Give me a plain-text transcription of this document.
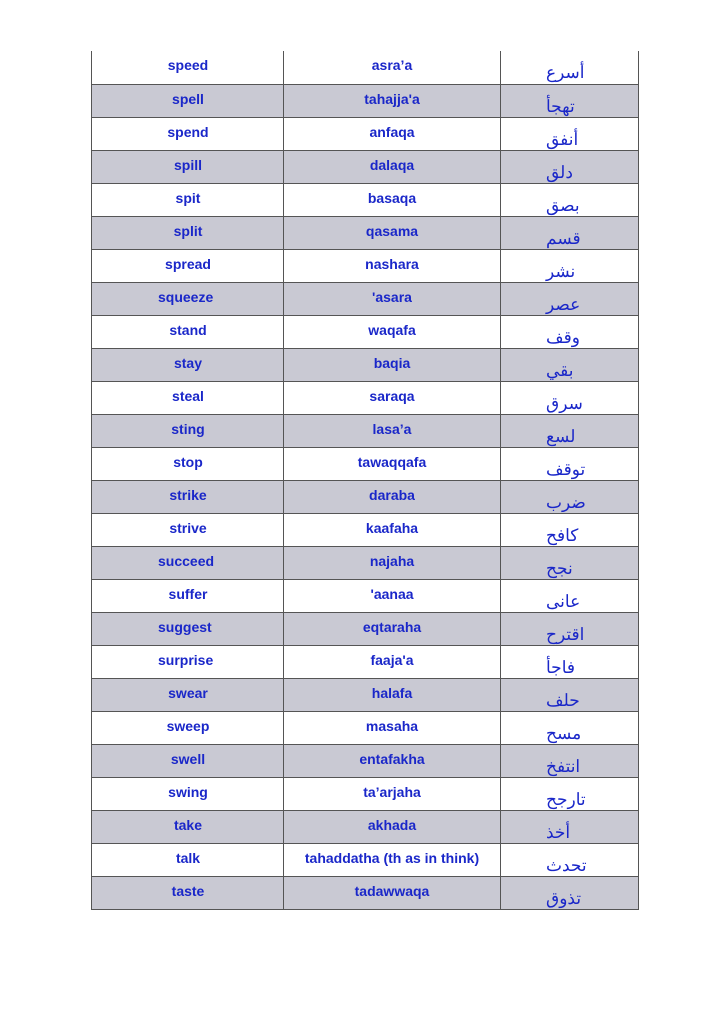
speed	asra’a	أسرع

spell	tahajja'a	تهجأ

spend	anfaqa	أنفق

spill	dalaqa	دلق

spit	basaqa	بصق

split	qasama	قسم

spread	nashara	نشر

squeeze	'asara	عصر

stand	waqafa	وقف

stay	baqia	بقي

steal	saraqa	سرق

sting	lasa’a	لسع

stop	tawaqqafa	توقف

strike	daraba	ضرب

strive	kaafaha	كافح

succeed	najaha	نجح

suffer	'aanaa	عانى

suggest	eqtaraha	اقترح

surprise	faaja'a	فاجأ

swear	halafa	حلف

sweep	masaha	مسح

swell	entafakha	انتفخ

swing	ta’arjaha	تارجح

take	akhada	أخذ

talk	tahaddatha (th as in think)	تحدث

taste	tadawwaqa	تذوق
